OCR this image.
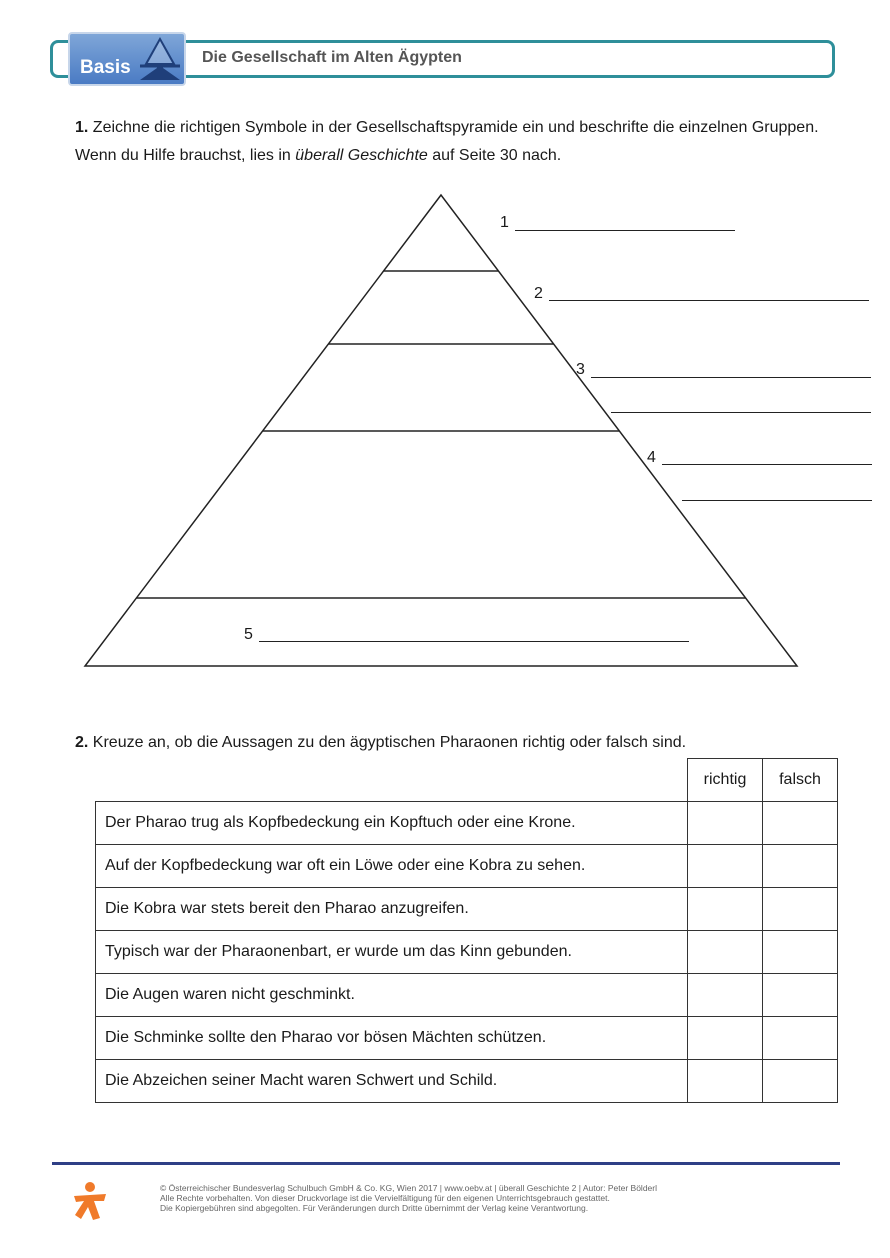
Basis	Die Gesellschaft im Alten Ägypten
1. Zeichne die richtigen Symbole in der Gesellschaftspyramide ein und beschrifte die einzelnen Gruppen. Wenn du Hilfe brauchst, lies in überall Geschichte auf Seite 30 nach.
1
2
3
4
5
2. Kreuze an, ob die Aussagen zu den ägyptischen Pharaonen richtig oder falsch sind.
	richtig	falsch
Der Pharao trug als Kopfbedeckung ein Kopftuch oder eine Krone.		
Auf der Kopfbedeckung war oft ein Löwe oder eine Kobra zu sehen.		
Die Kobra war stets bereit den Pharao anzugreifen.		
Typisch war der Pharaonenbart, er wurde um das Kinn gebunden.		
Die Augen waren nicht geschminkt.		
Die Schminke sollte den Pharao vor bösen Mächten schützen.		
Die Abzeichen seiner Macht waren Schwert und Schild.		
© Österreichischer Bundesverlag Schulbuch GmbH & Co. KG, Wien 2017 | www.oebv.at | überall Geschichte 2 | Autor: Peter Bölderl
Alle Rechte vorbehalten. Von dieser Druckvorlage ist die Vervielfältigung für den eigenen Unterrichtsgebrauch gestattet.
Die Kopiergebühren sind abgegolten. Für Veränderungen durch Dritte übernimmt der Verlag keine Verantwortung.
